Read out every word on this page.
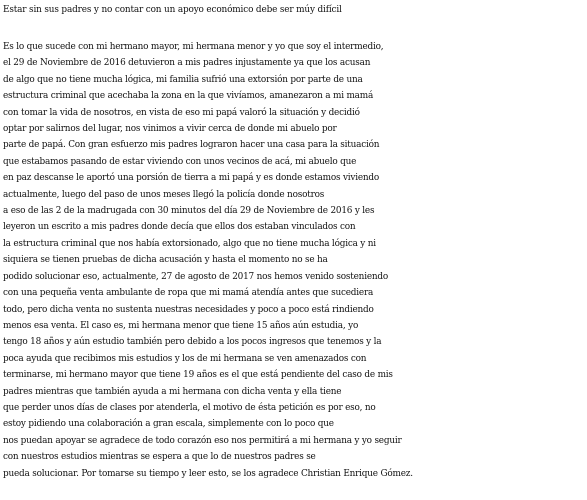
Estar sin sus padres y no contar con un apoyo económico debe ser múy difícil

Es lo que sucede con mi hermano mayor, mi hermana menor y yo que soy el intermedio,
el 29 de Noviembre de 2016 detuvieron a mis padres injustamente ya que los acusan
de algo que no tiene mucha lógica, mi familia sufrió una extorsión por parte de una
estructura criminal que acechaba la zona en la que vivíamos, amanezaron a mi mamá
con tomar la vida de nosotros, en vista de eso mi papá valoró la situación y decidió
optar por salirnos del lugar, nos vinimos a vivir cerca de donde mi abuelo por
parte de papá. Con gran esfuerzo mis padres lograron hacer una casa para la situación
que estabamos pasando de estar viviendo con unos vecinos de acá, mi abuelo que
en paz descanse le aportó una porsión de tierra a mi papá y es donde estamos viviendo
actualmente, luego del paso de unos meses llegó la policía donde nosotros
a eso de las 2 de la madrugada con 30 minutos del día 29 de Noviembre de 2016 y les
leyeron un escrito a mis padres donde decía que ellos dos estaban vinculados con
la estructura criminal que nos había extorsionado, algo que no tiene mucha lógica y ni
siquiera se tienen pruebas de dicha acusación y hasta el momento no se ha
podido solucionar eso, actualmente, 27 de agosto de 2017 nos hemos venido sosteniendo
con una pequeña venta ambulante de ropa que mi mamá atendía antes que sucediera
todo, pero dicha venta no sustenta nuestras necesidades y poco a poco está rindiendo
menos esa venta. El caso es, mi hermana menor que tiene 15 años aún estudia, yo
tengo 18 años y aún estudio también pero debido a los pocos ingresos que tenemos y la
poca ayuda que recibimos mis estudios y los de mi hermana se ven amenazados con
terminarse, mi hermano mayor que tiene 19 años es el que está pendiente del caso de mis
padres mientras que también ayuda a mi hermana con dicha venta y ella tiene
que perder unos días de clases por atenderla, el motivo de ésta petición es por eso, no
estoy pidiendo una colaboración a gran escala, simplemente con lo poco que
nos puedan apoyar se agradece de todo corazón eso nos permitirá a mi hermana y yo seguir
con nuestros estudios mientras se espera a que lo de nuestros padres se
pueda solucionar. Por tomarse su tiempo y leer esto, se los agradece Christian Enrique Gómez.
